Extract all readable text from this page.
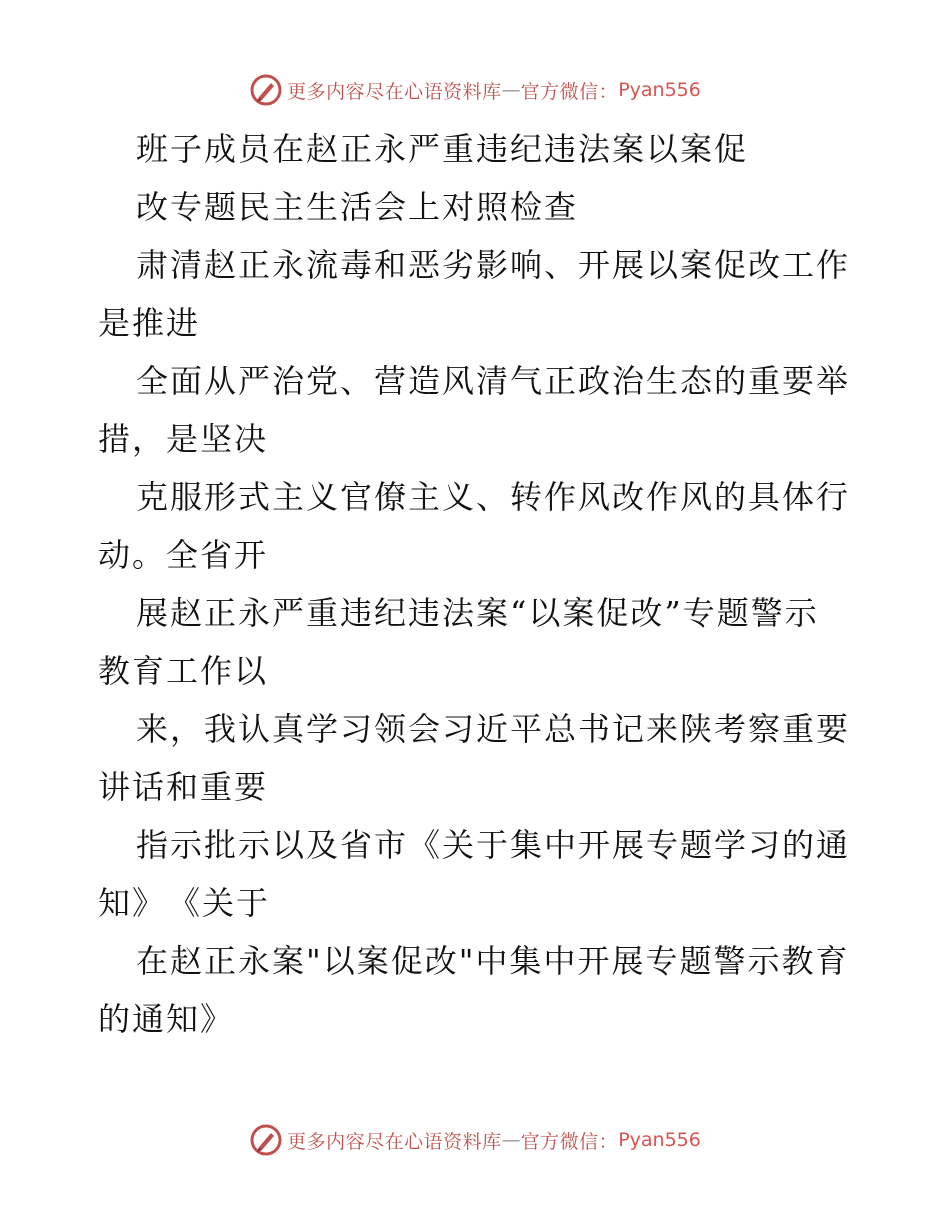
更多内容尽在心语资料库 — 官方微信： Pyan556
班子成员在赵正永严重违纪违法案以案促
改专题民主生活会上对照检查
肃清赵正永流毒和恶劣影响、开展以案促改工作
是推进
全面从严治党、营造风清气正政治生态的重要举
措，是坚决
克服形式主义官僚主义、转作风改作风的具体行
动。全省开
展赵正永严重违纪违法案“以案促改”专题警示
教育工作以
来，我认真学习领会习近平总书记来陕考察重要
讲话和重要
指示批示以及省市《关于集中开展专题学习的通
知》　《关于
在赵正永案"以案促改"中集中开展专题警示教育
的通知》
更多内容尽在心语资料库 — 官方微信： Pyan556
